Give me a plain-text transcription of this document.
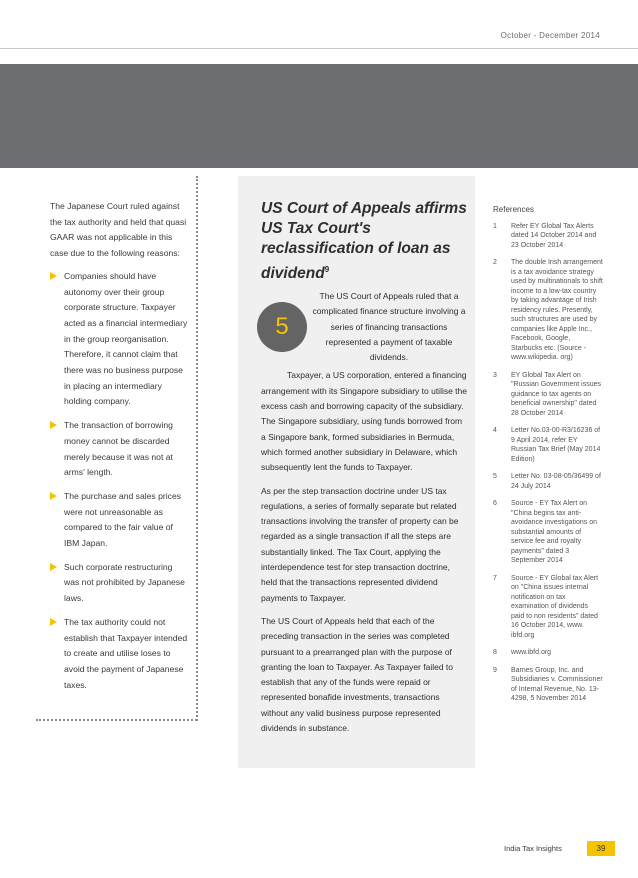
October - December 2014

The Japanese Court ruled against the tax authority and held that quasi GAAR was not applicable in this case due to the following reasons:

Companies should have autonomy over their group corporate structure. Taxpayer acted as a financial intermediary in the group reorganisation. Therefore, it cannot claim that there was no business purpose in placing an intermediary holding company.
The transaction of borrowing money cannot be discarded merely because it was not at arms' length.
The purchase and sales prices were not unreasonable as compared to the fair value of IBM Japan.
Such corporate restructuring was not prohibited by Japanese laws.
The tax authority could not establish that Taxpayer intended to create and utilise loses to avoid the payment of Japanese taxes.
US Court of Appeals affirms US Tax Court's reclassification of loan as dividend$^9$
5

The US Court of Appeals ruled that a complicated finance structure involving a series of financing transactions represented a payment of taxable dividends.

Taxpayer, a US corporation, entered a financing arrangement with its Singapore subsidiary to utilise the excess cash and borrowing capacity of the subsidiary. The Singapore subsidiary, using funds borrowed from a Singapore bank, formed subsidiaries in Bermuda, which formed another subsidiary in Delaware, which subsequently lent the funds to Taxpayer.

As per the step transaction doctrine under US tax regulations, a series of formally separate but related transactions involving the transfer of property can be regarded as a single transaction if all the steps are substantially linked. The Tax Court, applying the interdependence test for step transaction doctrine, held that the transactions represented dividend payments to Taxpayer.

The US Court of Appeals held that each of the preceding transaction in the series was completed pursuant to a prearranged plan with the purpose of granting the loan to Taxpayer. As Taxpayer failed to establish that any of the funds were repaid or represented bonafide investments, transactions without any valid business purpose represented dividends in substance.

References
1	Refer EY Global Tax Alerts dated 14 October 2014 and 23 October 2014
2	The double Irish arrangement is a tax avoidance strategy used by multinationals to shift income to a low-tax country by taking advantage of Irish residency rules. Presently, such structures are used by companies like Apple Inc., Facebook, Google, Starbucks etc. (Source - www.wikipedia. org)
3	EY Global Tax Alert on "Russian Government issues guidance to tax agents on beneficial ownership" dated 28 October 2014
4	Letter No.03-00-R3/16236 of 9 April 2014, refer EY Russian Tax Brief (May 2014 Edition)
5	Letter No. 03-08-05/36499 of 24 July 2014
6	Source - EY Tax Alert on "China begins tax anti-avoidance investigations on substantial amounts of service fee and royalty payments" dated 3 September 2014
7	Source - EY Global tax Alert on "China issues internal notification on tax examination of dividends paid to non residents" dated 16 October 2014, www. ibfd.org
8	www.ibfd.org
9	Barnes Group, Inc. and Subsidiaries v. Commissioner of Internal Revenue, No. 13-4298, 5 November 2014
India Tax Insights	39
